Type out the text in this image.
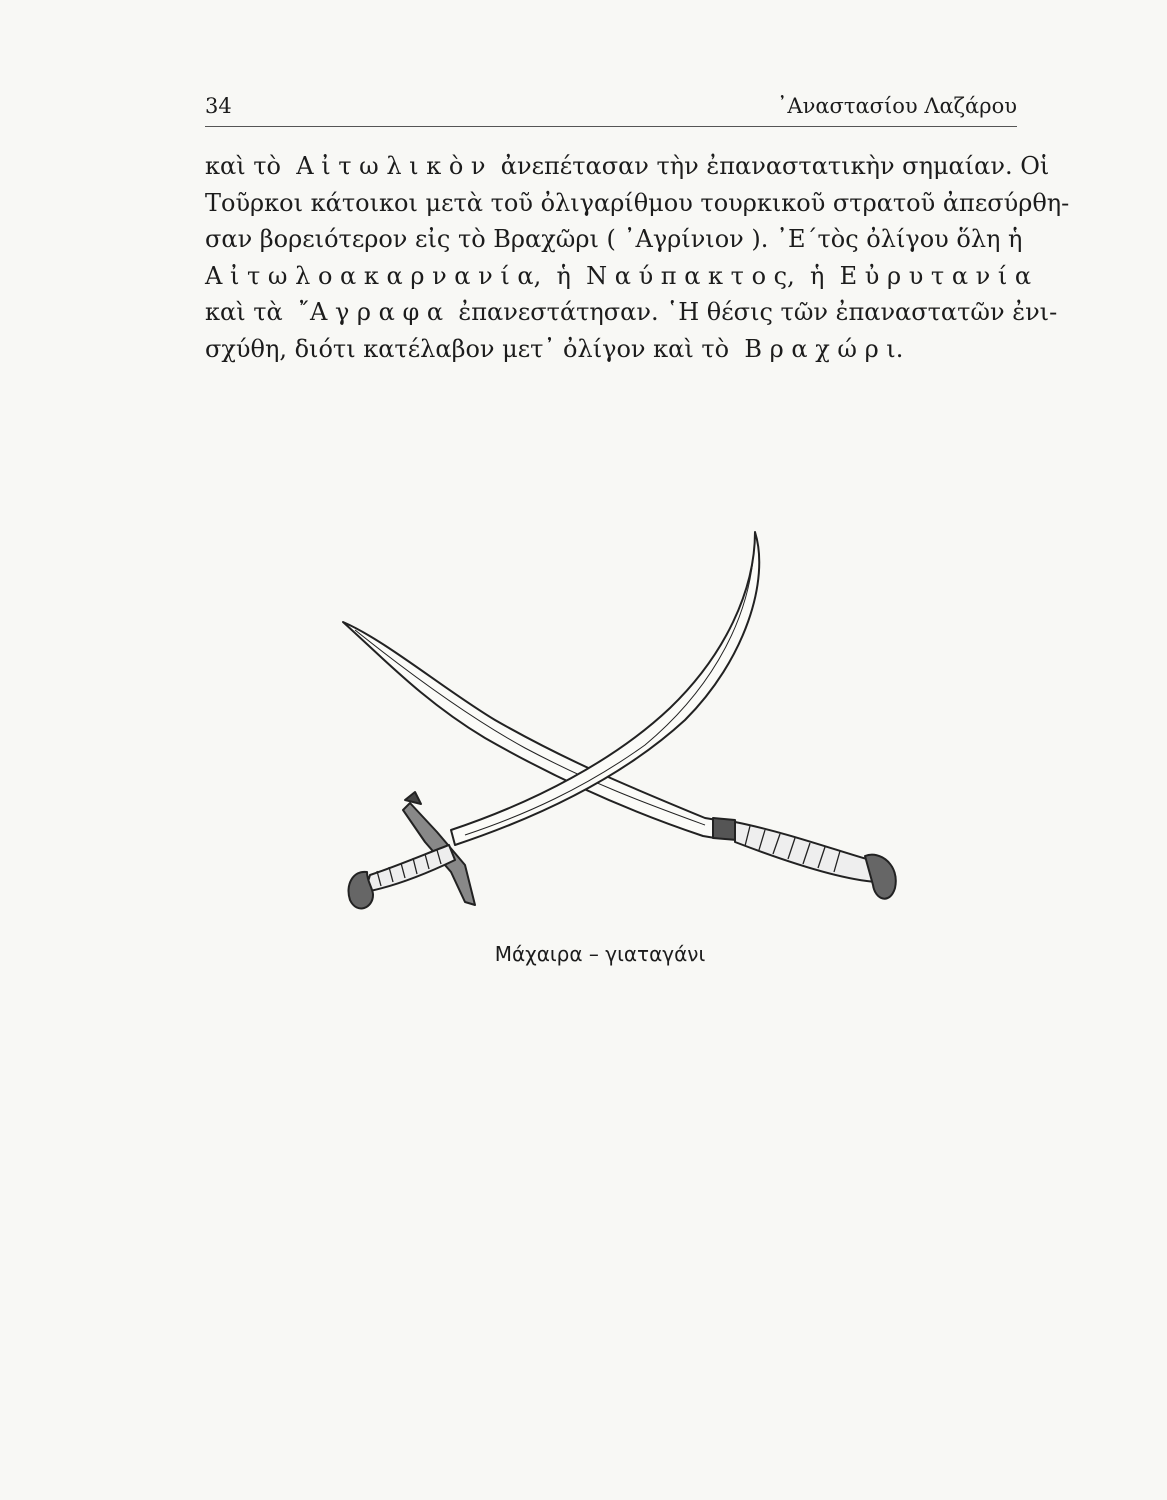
34	᾿Αναστασίου Λαζάρου
καὶ τὸ  Α ἰ τ ω λ ι κ ὸ ν  ἀνεπέτασαν τὴν ἐπαναστατικὴν σημαίαν. Οἱ
Τοῦρκοι κάτοικοι μετὰ τοῦ ὀλιγαρίθμου τουρκικοῦ στρατοῦ ἀπεσύρθη-
σαν βορειότερον εἰς τὸ Βραχῶρι ( ᾿Αγρίνιον ). ᾿Ε΄τὸς ὀλίγου ὅλη ἡ
Α ἰ τ ω λ ο α κ α ρ ν α ν ί α,  ἡ  Ν α ύ π α κ τ ο ς,  ἡ  Ε ὐ ρ υ τ α ν ί α
καὶ τὰ  ῎Α γ ρ α φ α  ἐπανεστάτησαν. ῾Η θέσις τῶν ἐπαναστατῶν ἐνι-
σχύθη, διότι κατέλαβον μετ᾿ ὀλίγον καὶ τὸ  Β ρ α χ ώ ρ ι.
Μάχαιρα – γιαταγάνι
